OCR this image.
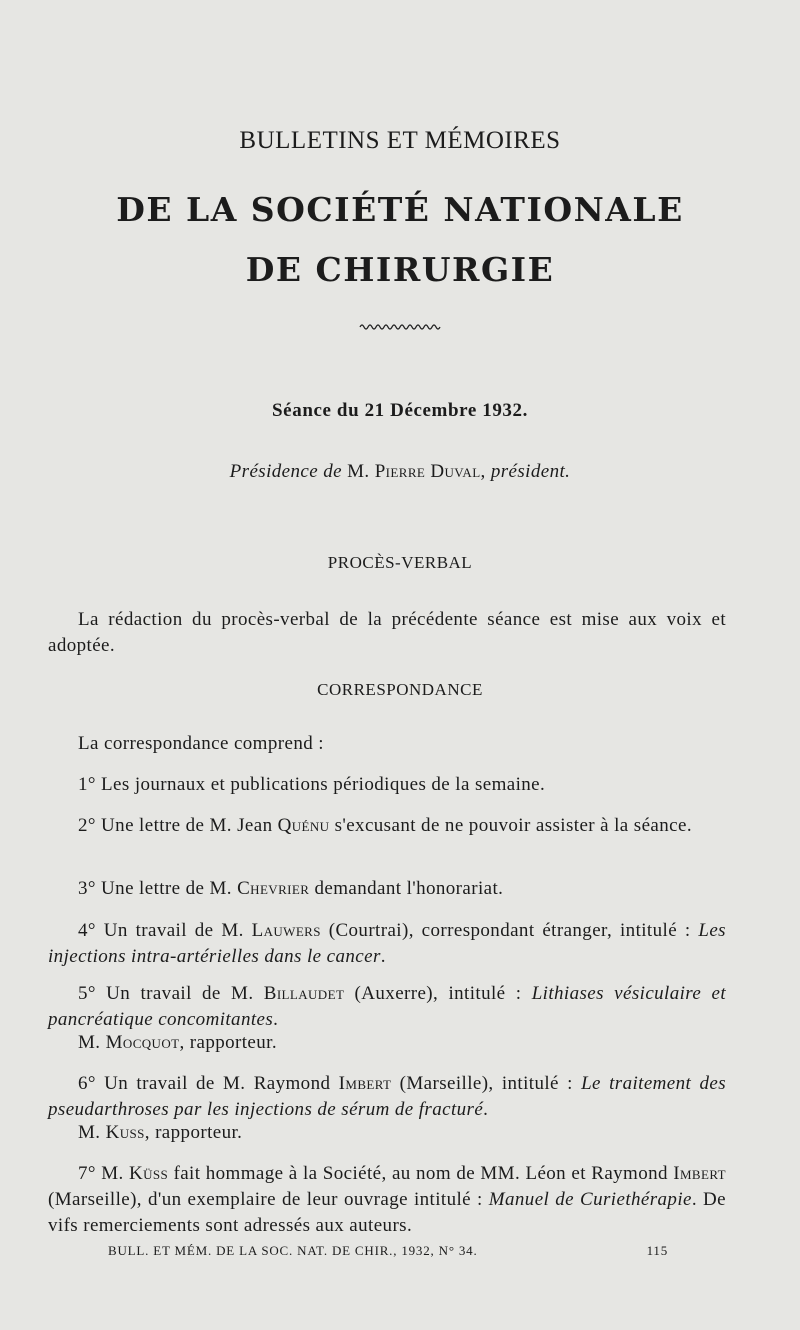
BULLETINS ET MÉMOIRES
DE LA SOCIÉTÉ NATIONALE
DE CHIRURGIE
Séance du 21 Décembre 1932.
Présidence de M. Pierre Duval, président.
PROCÈS-VERBAL
La rédaction du procès-verbal de la précédente séance est mise aux voix et adoptée.
CORRESPONDANCE
La correspondance comprend :
1° Les journaux et publications périodiques de la semaine.
2° Une lettre de M. Jean Quénu s'excusant de ne pouvoir assister à la séance.
3° Une lettre de M. Chevrier demandant l'honorariat.
4° Un travail de M. Lauwers (Courtrai), correspondant étranger, intitulé : Les injections intra-artérielles dans le cancer.
5° Un travail de M. Billaudet (Auxerre), intitulé : Lithiases vésiculaire et pancréatique concomitantes.
M. Mocquot, rapporteur.
6° Un travail de M. Raymond Imbert (Marseille), intitulé : Le traitement des pseudarthroses par les injections de sérum de fracturé.
M. Kuss, rapporteur.
7° M. Küss fait hommage à la Société, au nom de MM. Léon et Raymond Imbert (Marseille), d'un exemplaire de leur ouvrage intitulé : Manuel de Curiethérapie. De vifs remerciements sont adressés aux auteurs.
BULL. ET MÉM. DE LA SOC. NAT. DE CHIR., 1932, N° 34.	115
